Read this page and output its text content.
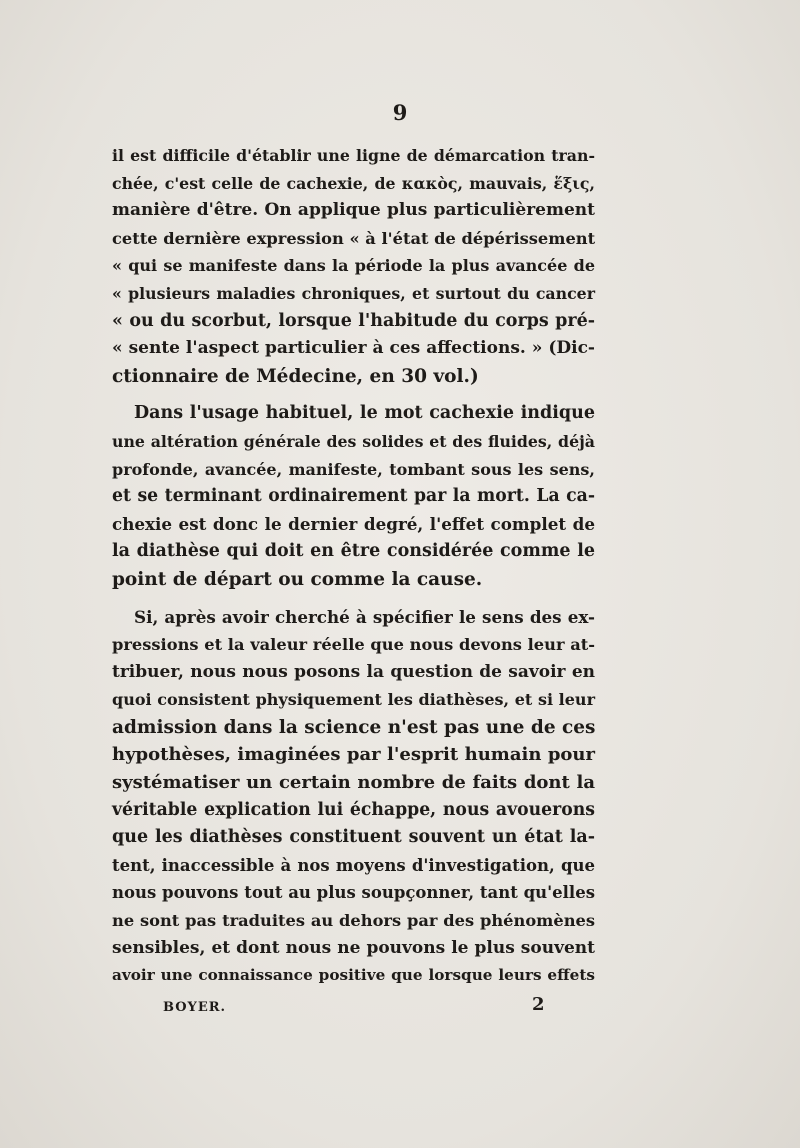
9

il est difficile d'établir une ligne de démarcation tran-
chée, c'est celle de cachexie, de κακὸς, mauvais, ἕξις,
manière d'être. On applique plus particulièrement
cette dernière expression « à l'état de dépérissement
« qui se manifeste dans la période la plus avancée de
« plusieurs maladies chroniques, et surtout du cancer
« ou du scorbut, lorsque l'habitude du corps pré-
« sente l'aspect particulier à ces affections. » (Dic-
ctionnaire de Médecine, en 30 vol.)

Dans l'usage habituel, le mot cachexie indique
une altération générale des solides et des fluides, déjà
profonde, avancée, manifeste, tombant sous les sens,
et se terminant ordinairement par la mort. La ca-
chexie est donc le dernier degré, l'effet complet de
la diathèse qui doit en être considérée comme le
point de départ ou comme la cause.

Si, après avoir cherché à spécifier le sens des ex-
pressions et la valeur réelle que nous devons leur at-
tribuer, nous nous posons la question de savoir en
quoi consistent physiquement les diathèses, et si leur
admission dans la science n'est pas une de ces
hypothèses, imaginées par l'esprit humain pour
systématiser un certain nombre de faits dont la
véritable explication lui échappe, nous avouerons
que les diathèses constituent souvent un état la-
tent, inaccessible à nos moyens d'investigation, que
nous pouvons tout au plus soupçonner, tant qu'elles
ne sont pas traduites au dehors par des phénomènes
sensibles, et dont nous ne pouvons le plus souvent
avoir une connaissance positive que lorsque leurs effets

BOYER.	2
